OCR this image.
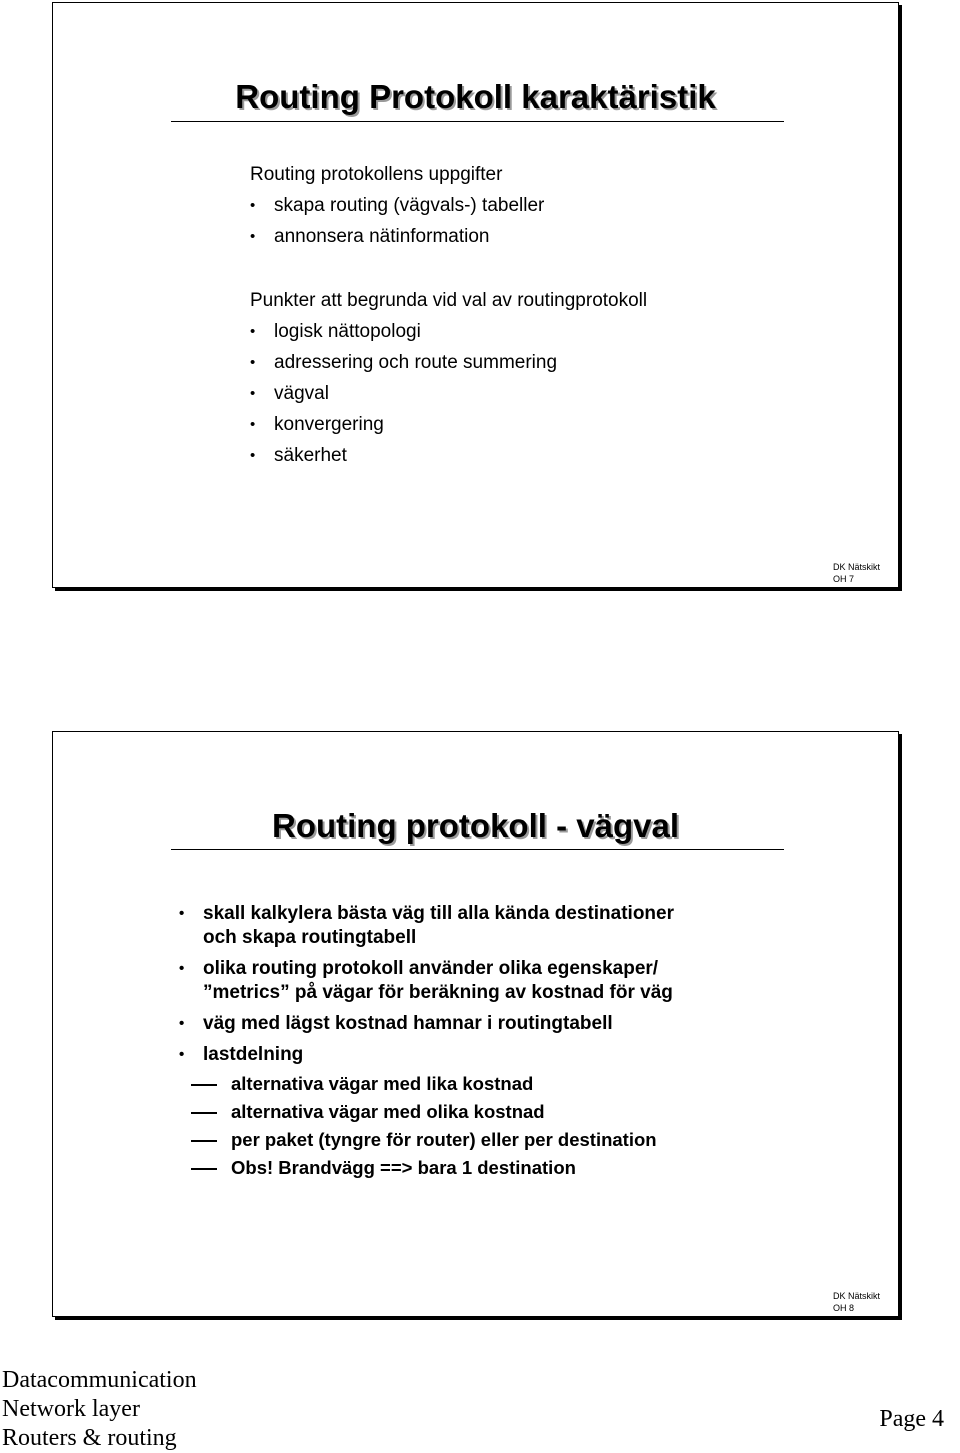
Routing Protokoll karaktäristik
Routing protokollens uppgifter
• skapa routing (vägvals-) tabeller
• annonsera nätinformation
Punkter att begrunda vid val av routingprotokoll
• logisk nättopologi
• adressering och route summering
• vägval
• konvergering
• säkerhet
DK Nätskikt
OH 7
Routing protokoll - vägval
• skall kalkylera bästa väg till alla kända destinationer
och skapa routingtabell
• olika routing protokoll använder olika egenskaper/
”metrics” på vägar för beräkning av kostnad för väg
• väg med lägst kostnad hamnar i routingtabell
• lastdelning
alternativa vägar med lika kostnad
alternativa vägar med olika kostnad
per paket (tyngre för router) eller per destination
Obs! Brandvägg ==> bara 1 destination
DK Nätskikt
OH 8
Datacommunication
Network layer
Routers & routing
Page 4
